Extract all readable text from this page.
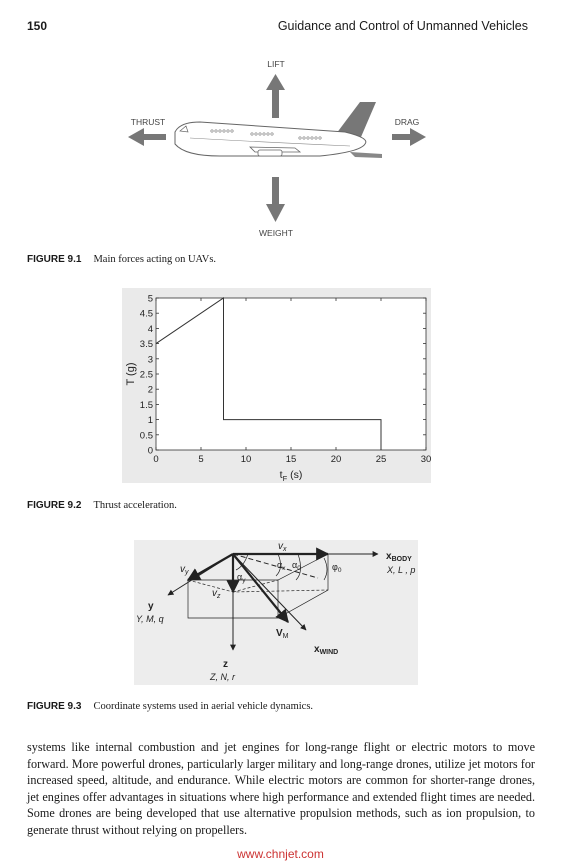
150	Guidance and Control of Unmanned Vehicles
LIFT
THRUST	DRAG
WEIGHT
FIGURE 9.1 Main forces acting on UAVs.
0
0.5
1
1.5
2
2.5
3
3.5
4
4.5
5
0	5	10	15	20	25	30
T (g)
$t_F$ (s)
FIGURE 9.2 Thrust acceleration.
$v_x$
$v_y$
$v_z$
$V_M$
$\alpha_x$ $\alpha_0$
$\alpha_y$
$\varphi_0$
$x_{BODY}$
X, L , p
y
Y, M, q
z
Z, N, r
$x_{WIND}$
FIGURE 9.3 Coordinate systems used in aerial vehicle dynamics.
systems like internal combustion and jet engines for long-range flight or electric motors to move forward. More powerful drones, particularly larger military and long-range drones, utilize jet motors for increased speed, altitude, and endurance. While electric motors are common for shorter-range drones, jet engines offer advantages in situations where high performance and extended flight times are needed. Some drones are being developed that use alternative propulsion methods, such as ion propulsion, to generate thrust without relying on propellers.
www.chnjet.com
